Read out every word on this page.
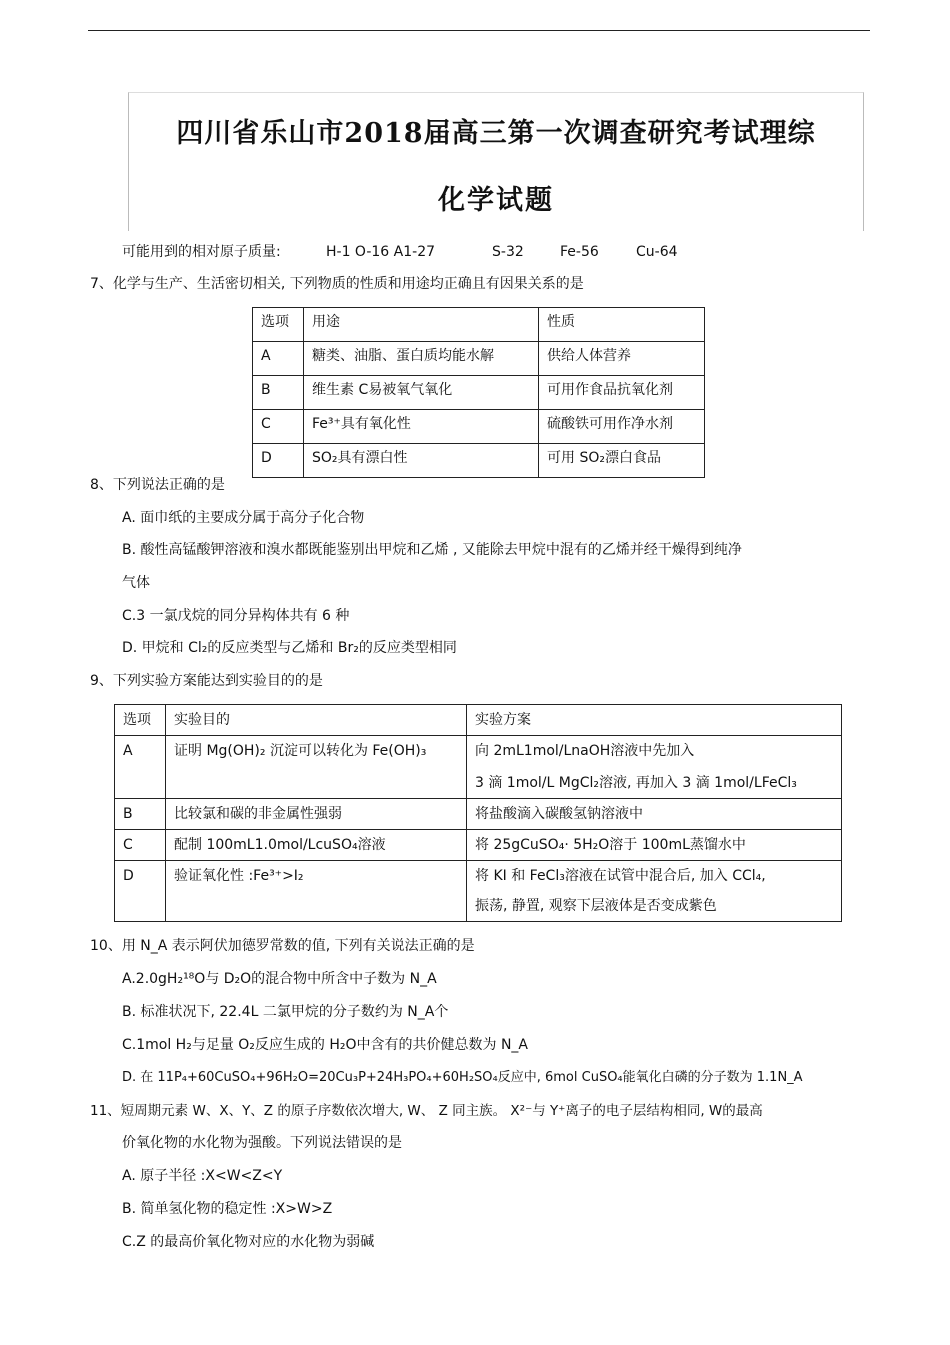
四川省乐山市2018届高三第一次调查研究考试理综
化学试题
可能用到的相对原子质量:	H-1 O-16 A1-27	S-32	Fe-56	Cu-64
7、化学与生产、生活密切相关, 下列物质的性质和用途均正确且有因果关系的是
选项	用途	性质
A	糖类、油脂、蛋白质均能水解	供给人体营养
B	维生素 C易被氧气氧化	可用作食品抗氧化剂
C	Fe³⁺具有氧化性	硫酸铁可用作净水剂
D	SO₂具有漂白性	可用 SO₂漂白食品
8、下列说法正确的是
A. 面巾纸的主要成分属于高分子化合物
B. 酸性高锰酸钾溶液和溴水都既能鉴别出甲烷和乙烯 , 又能除去甲烷中混有的乙烯并经干燥得到纯净
气体
C.3 一氯戊烷的同分异构体共有 6 种
D. 甲烷和 Cl₂的反应类型与乙烯和 Br₂的反应类型相同
9、下列实验方案能达到实验目的的是
选项	实验目的	实验方案
A	证明 Mg(OH)₂ 沉淀可以转化为 Fe(OH)₃	向 2mL1mol/LnaOH溶液中先加入
3 滴 1mol/L MgCl₂溶液, 再加入 3 滴 1mol/LFeCl₃

B	比较氯和碳的非金属性强弱	将盐酸滴入碳酸氢钠溶液中
C	配制 100mL1.0mol/LcuSO₄溶液	将 25gCuSO₄· 5H₂O溶于 100mL蒸馏水中
D	验证氧化性 :Fe³⁺>I₂	将 KI 和 FeCl₃溶液在试管中混合后, 加入 CCl₄,
振荡, 静置, 观察下层液体是否变成紫色
10、用 N_A 表示阿伏加德罗常数的值, 下列有关说法正确的是
A.2.0gH₂¹⁸O与 D₂O的混合物中所含中子数为 N_A
B. 标准状况下, 22.4L 二氯甲烷的分子数约为 N_A个
C.1mol H₂与足量 O₂反应生成的 H₂O中含有的共价健总数为 N_A
D. 在 11P₄+60CuSO₄+96H₂O=20Cu₃P+24H₃PO₄+60H₂SO₄反应中, 6mol CuSO₄能氧化白磷的分子数为 1.1N_A
11、短周期元素 W、X、Y、Z 的原子序数依次增大, W、 Z 同主族。 X²⁻与 Y⁺离子的电子层结构相同, W的最高
价氧化物的水化物为强酸。下列说法错误的是
A. 原子半径 :X<W<Z<Y
B. 简单氢化物的稳定性 :X>W>Z
C.Z 的最高价氧化物对应的水化物为弱碱
